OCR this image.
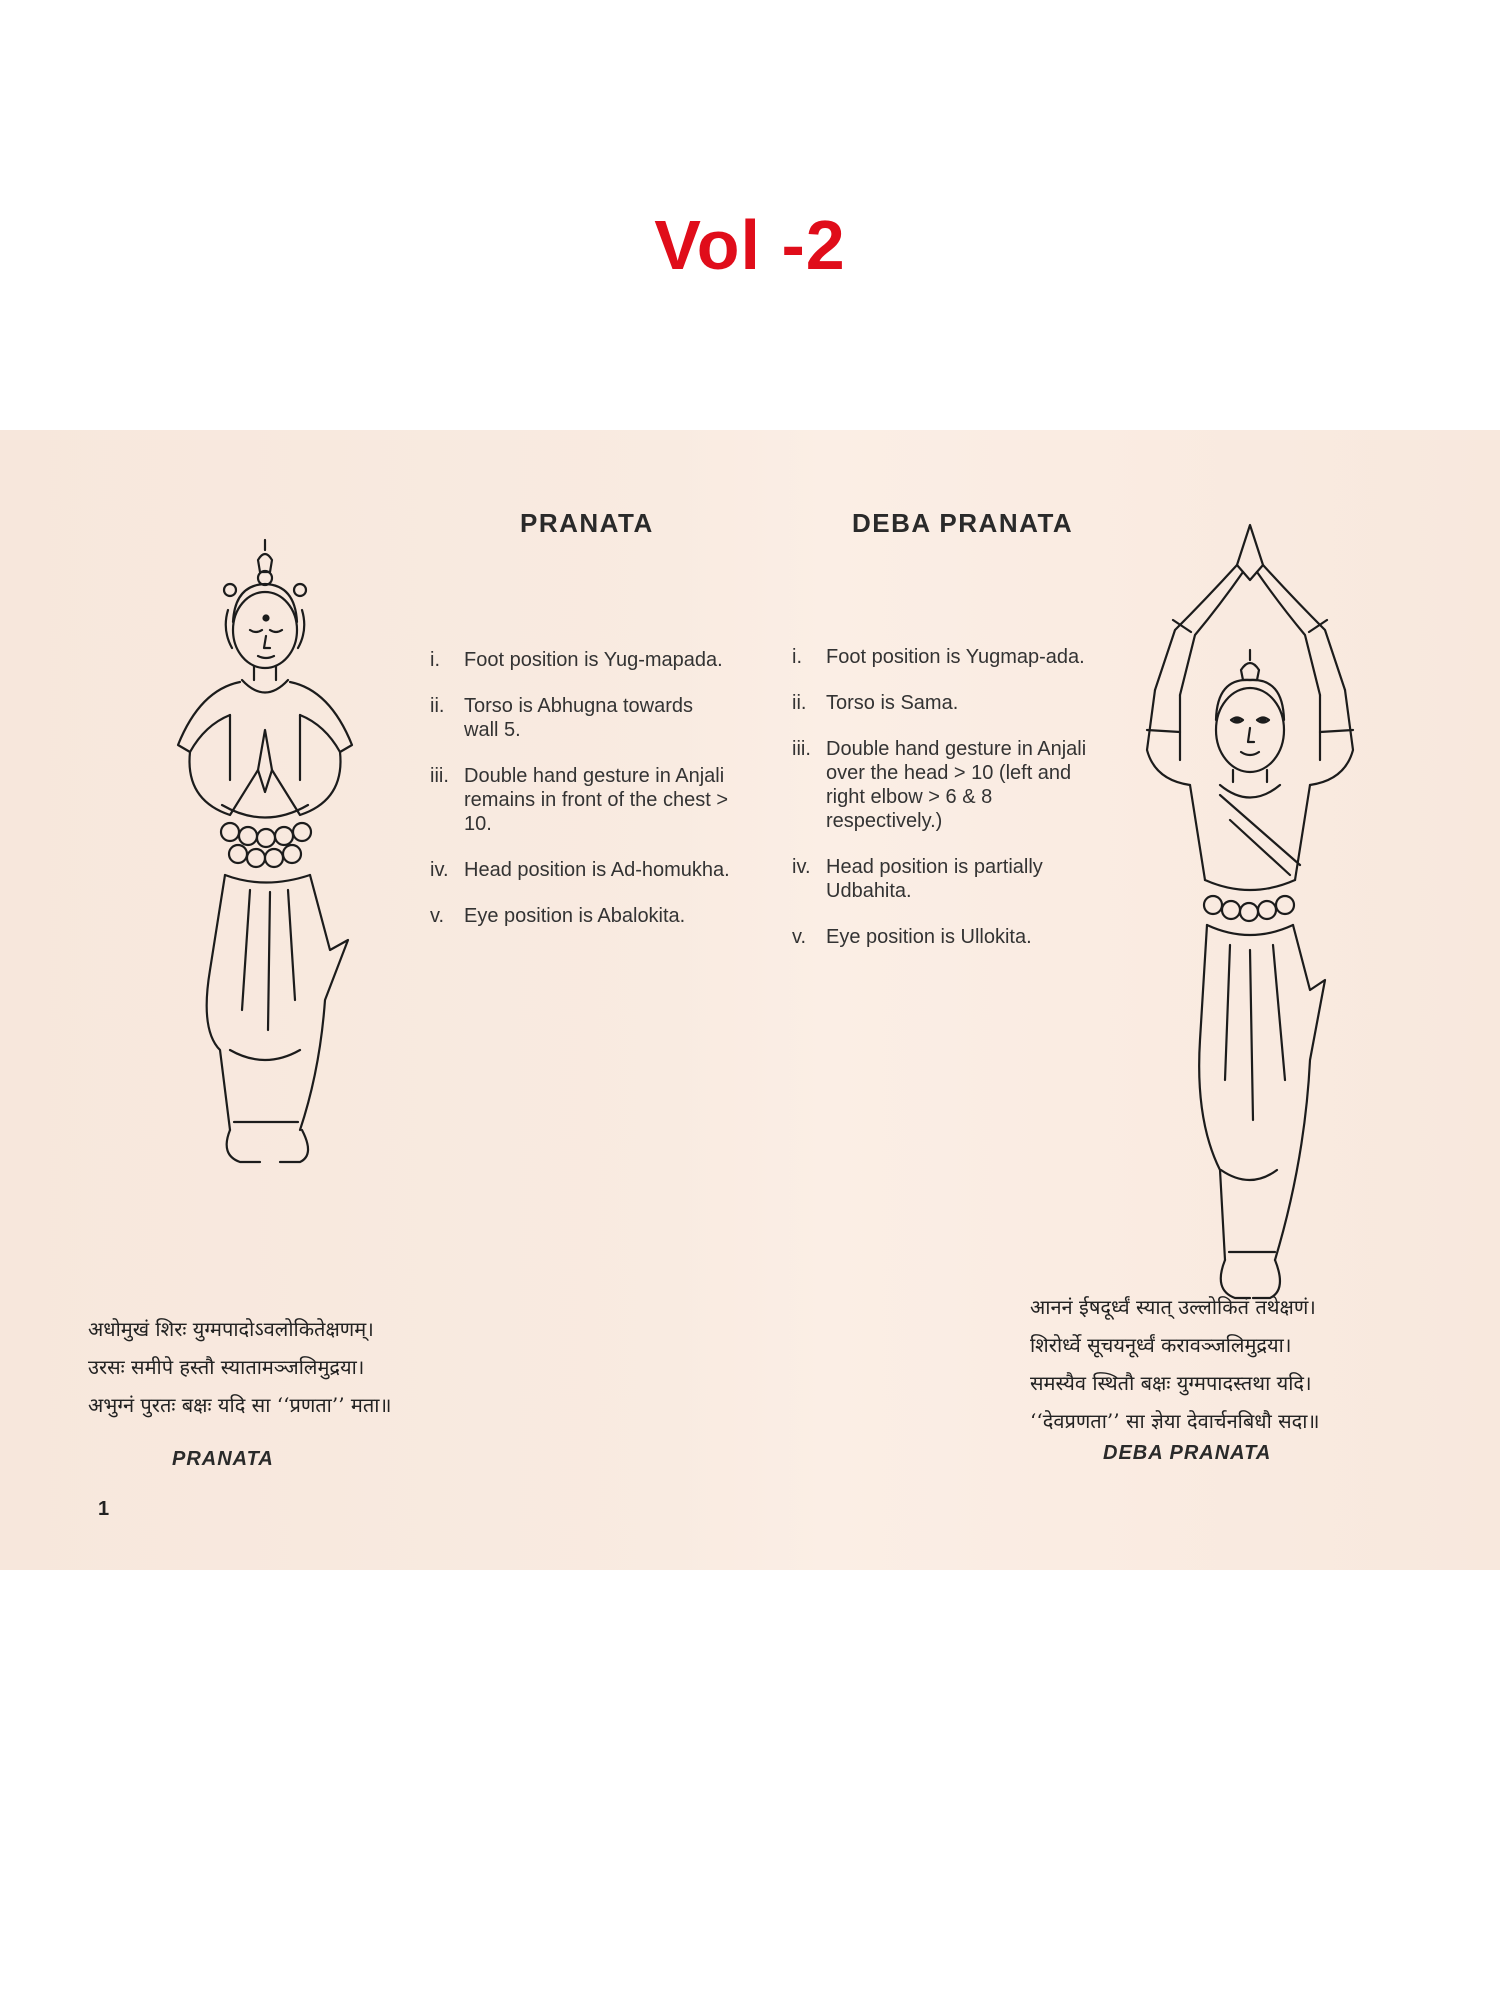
Vol -2
PRANATA	DEBA PRANATA
i. Foot position is Yug-mapada.
ii. Torso is Abhugna towards wall 5.
iii. Double hand gesture in Anjali remains in front of the chest > 10.
iv. Head position is Ad-homukha.
v. Eye position is Abalokita.
i. Foot position is Yugmap-ada.
ii. Torso is Sama.
iii. Double hand gesture in Anjali over the head > 10 (left and right elbow > 6 & 8 respectively.)
iv. Head position is partially Udbahita.
v. Eye position is Ullokita.
अधोमुखं शिरः युग्मपादोऽवलोकितेक्षणम्।
उरसः समीपे हस्तौ स्यातामञ्जलिमुद्रया।
अभुग्नं पुरतः बक्षः यदि सा ‘‘प्रणता’’ मता॥
PRANATA
1
आननं ईषदूर्ध्वं स्यात् उल्लोकितं तथेक्षणं।
शिरोर्ध्वे सूचयनूर्ध्वं करावञ्जलिमुद्रया।
समस्यैव स्थितौ बक्षः युग्मपादस्तथा यदि।
‘‘देवप्रणता’’ सा ज्ञेया देवार्चनबिधौ सदा॥
DEBA PRANATA
